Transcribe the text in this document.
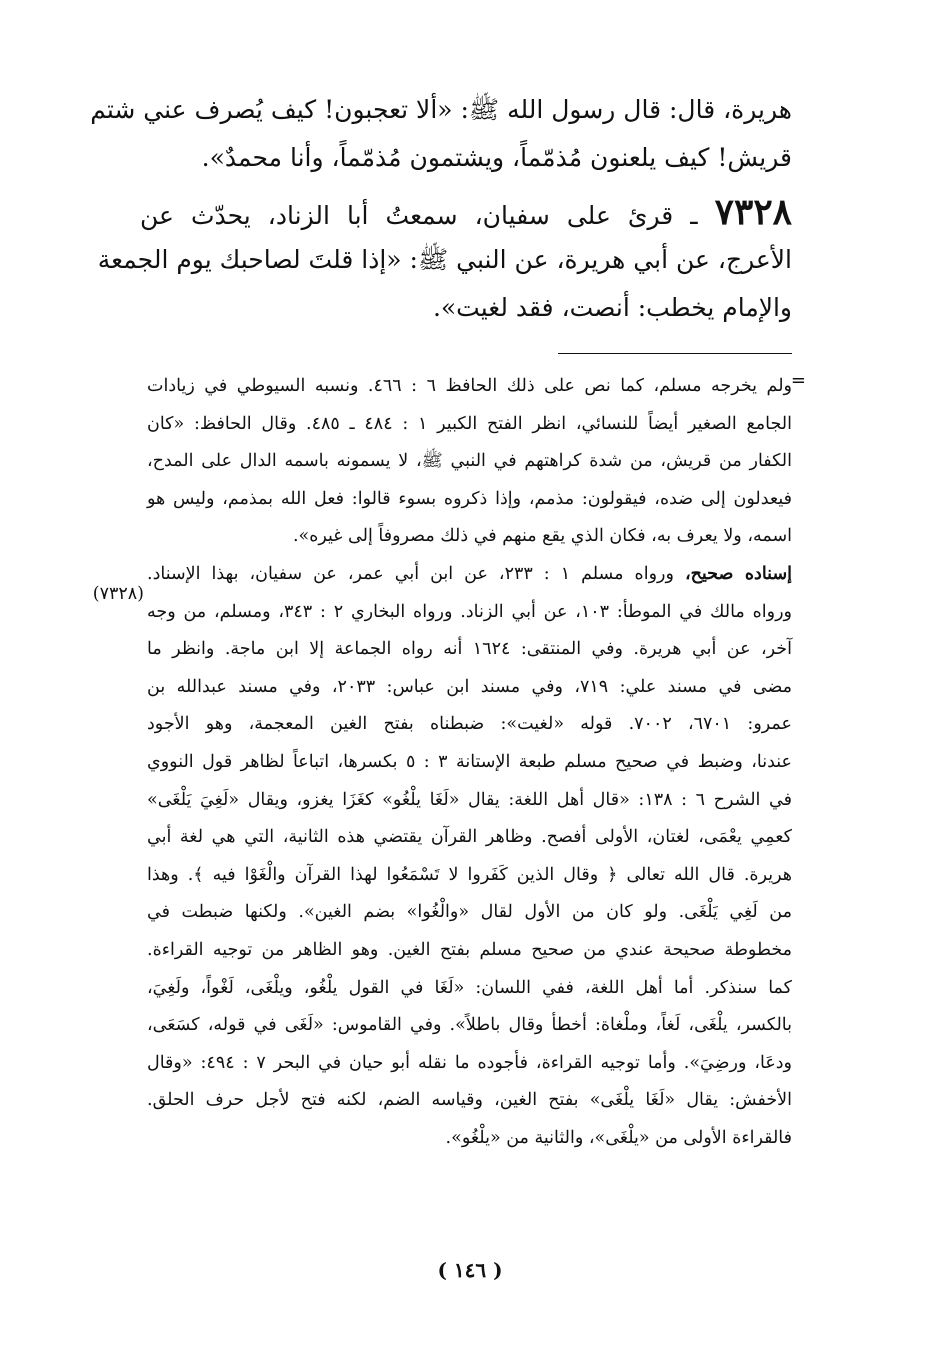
هريرة، قال: قال رسول الله ﷺ: «ألا تعجبون! كيف يُصرف عني شتم
قريش! كيف يلعنون مُذمّماً، ويشتمون مُذمّماً، وأنا محمدٌ».
٧٣٢٨ ـ قرئ على سفيان، سمعتُ أبا الزناد، يحدّث عن
الأعرج، عن أبي هريرة، عن النبي ﷺ: «إذا قلتَ لصاحبك يوم الجمعة
والإمام يخطب: أنصت، فقد لغيت».
=
ولم يخرجه مسلم، كما نص على ذلك الحافظ ٦ : ٤٦٦. ونسبه السيوطي في زيادات
الجامع الصغير أيضاً للنسائي، انظر الفتح الكبير ١ : ٤٨٤ ـ ٤٨٥. وقال الحافظ: «كان
الكفار من قريش، من شدة كراهتهم في النبي ﷺ، لا يسمونه باسمه الدال على المدح،
فيعدلون إلى ضده، فيقولون: مذمم، وإذا ذكروه بسوء قالوا: فعل الله بمذمم، وليس هو
اسمه، ولا يعرف به، فكان الذي يقع منهم في ذلك مصروفاً إلى غيره».
إسناده صحيح، ورواه مسلم ١ : ٢٣٣، عن ابن أبي عمر، عن سفيان، بهذا الإسناد.
ورواه مالك في الموطأ: ١٠٣، عن أبي الزناد. ورواه البخاري ٢ : ٣٤٣، ومسلم، من وجه
آخر، عن أبي هريرة. وفي المنتقى: ١٦٢٤ أنه رواه الجماعة إلا ابن ماجة. وانظر ما
مضى في مسند علي: ٧١٩، وفي مسند ابن عباس: ٢٠٣٣، وفي مسند عبدالله بن
عمرو: ٦٧٠١، ٧٠٠٢. قوله «لغيت»: ضبطناه بفتح الغين المعجمة، وهو الأجود
عندنا، وضبط في صحيح مسلم طبعة الإستانة ٣ : ٥ بكسرها، اتباعاً لظاهر قول النووي
في الشرح ٦ : ١٣٨: «قال أهل اللغة: يقال «لَغَا يلْغُو» كغَزَا يغزو، ويقال «لَغِيَ يَلْغَى»
كعمِي يعْمَى، لغتان، الأولى أفصح. وظاهر القرآن يقتضي هذه الثانية، التي هي لغة أبي
هريرة. قال الله تعالى ﴿ وقال الذين كَفَروا لا تَسْمَعُوا لهذا القرآن والْغَوْا فيه ﴾. وهذا
من لَغِي يَلْغَى. ولو كان من الأول لقال «والْغُوا» بضم الغين». ولكنها ضبطت في
مخطوطة صحيحة عندي من صحيح مسلم بفتح الغين. وهو الظاهر من توجيه القراءة.
كما سنذكر. أما أهل اللغة، ففي اللسان: «لَغَا في القول يلْغُو، ويلْغَى، لَغْواً، ولَغِيَ،
بالكسر، يلْغَى، لَغاً، وملْغاة: أخطأ وقال باطلاً». وفي القاموس: «لَغَى في قوله، كسَعَى،
ودعَا، ورضِيَ». وأما توجيه القراءة، فأجوده ما نقله أبو حيان في البحر ٧ : ٤٩٤: «وقال
الأخفش: يقال «لَغَا يلْغَى» بفتح الغين، وقياسه الضم، لكنه فتح لأجل حرف الحلق.
فالقراءة الأولى من «يلْغَى»، والثانية من «يلْغُو».
(٧٣٢٨)
( ١٤٦ )
